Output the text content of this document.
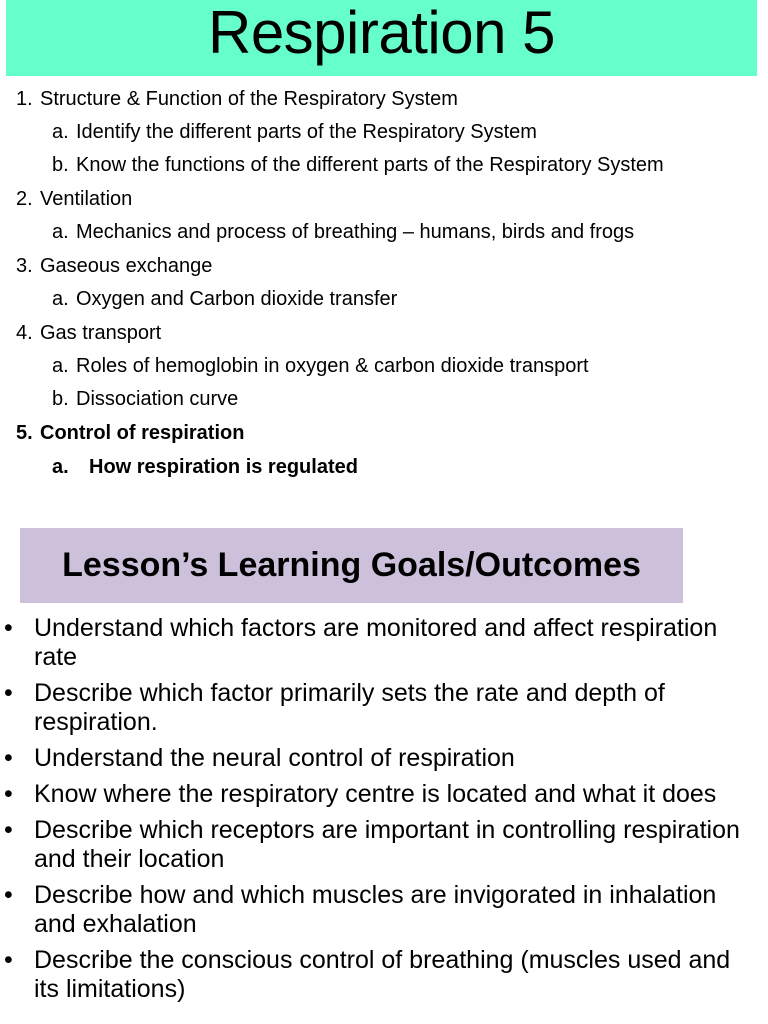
Respiration 5
1. Structure & Function of the Respiratory System
a. Identify the different parts of the Respiratory System
b. Know the functions of the different parts of the Respiratory System
2. Ventilation
a. Mechanics and process of breathing – humans, birds and frogs
3. Gaseous exchange
a. Oxygen and Carbon dioxide transfer
4. Gas transport
a. Roles of hemoglobin in oxygen & carbon dioxide transport
b. Dissociation curve
5. Control of respiration
a. How respiration is regulated
Lesson’s Learning Goals/Outcomes
• Understand which factors are monitored and affect respiration rate
• Describe which factor primarily sets the rate and depth of respiration.
• Understand the neural control of respiration
• Know where the respiratory centre is located and what it does
• Describe which receptors are important in controlling respiration and their location
• Describe how and which muscles are invigorated in inhalation and exhalation
• Describe the conscious control of breathing (muscles used and its limitations)
